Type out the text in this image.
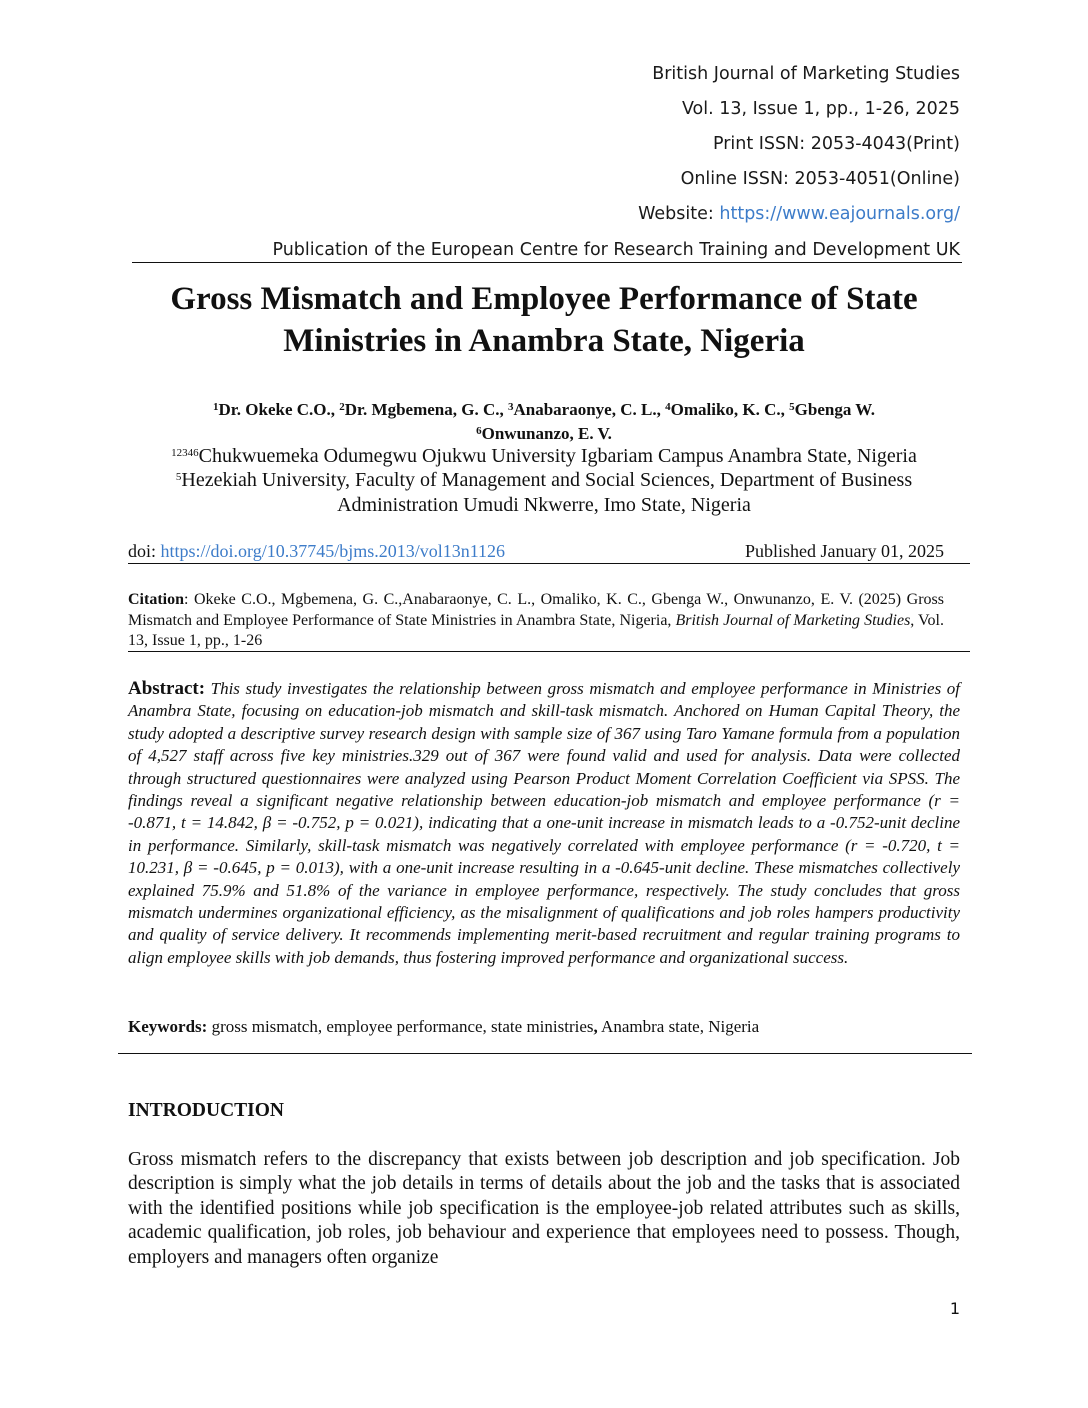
British Journal of Marketing Studies
Vol. 13, Issue 1, pp., 1-26, 2025
Print ISSN: 2053-4043(Print)
Online ISSN: 2053-4051(Online)
Website: https://www.eajournals.org/
Publication of the European Centre for Research Training and Development UK
Gross Mismatch and Employee Performance of State
Ministries in Anambra State, Nigeria
$^1$Dr. Okeke C.O., $^2$Dr. Mgbemena, G. C., $^3$Anabaraonye, C. L., $^4$Omaliko, K. C., $^5$Gbenga W.
$^6$Onwunanzo, E. V.
$^{12346}$Chukwuemeka Odumegwu Ojukwu University Igbariam Campus Anambra State, Nigeria
$^5$Hezekiah University, Faculty of Management and Social Sciences, Department of Business
Administration Umudi Nkwerre, Imo State, Nigeria
doi: https://doi.org/10.37745/bjms.2013/vol13n1126	Published January 01, 2025
Citation: Okeke C.O., Mgbemena, G. C.,Anabaraonye, C. L., Omaliko, K. C., Gbenga W., Onwunanzo, E. V. (2025) Gross Mismatch and Employee Performance of State Ministries in Anambra State, Nigeria, British Journal of Marketing Studies, Vol. 13, Issue 1, pp., 1-26
Abstract: This study investigates the relationship between gross mismatch and employee performance in Ministries of Anambra State, focusing on education-job mismatch and skill-task mismatch. Anchored on Human Capital Theory, the study adopted a descriptive survey research design with sample size of 367 using Taro Yamane formula from a population of 4,527 staff across five key ministries.329 out of 367 were found valid and used for analysis. Data were collected through structured questionnaires were analyzed using Pearson Product Moment Correlation Coefficient via SPSS. The findings reveal a significant negative relationship between education-job mismatch and employee performance (r = -0.871, t = 14.842, β = -0.752, p = 0.021), indicating that a one-unit increase in mismatch leads to a -0.752-unit decline in performance. Similarly, skill-task mismatch was negatively correlated with employee performance (r = -0.720, t = 10.231, β = -0.645, p = 0.013), with a one-unit increase resulting in a -0.645-unit decline. These mismatches collectively explained 75.9% and 51.8% of the variance in employee performance, respectively. The study concludes that gross mismatch undermines organizational efficiency, as the misalignment of qualifications and job roles hampers productivity and quality of service delivery. It recommends implementing merit-based recruitment and regular training programs to align employee skills with job demands, thus fostering improved performance and organizational success.
Keywords: gross mismatch, employee performance, state ministries, Anambra state, Nigeria
INTRODUCTION
Gross mismatch refers to the discrepancy that exists between job description and job specification. Job description is simply what the job details in terms of details about the job and the tasks that is associated with the identified positions while job specification is the employee-job related attributes such as skills, academic qualification, job roles, job behaviour and experience that employees need to possess. Though, employers and managers often organize
1
